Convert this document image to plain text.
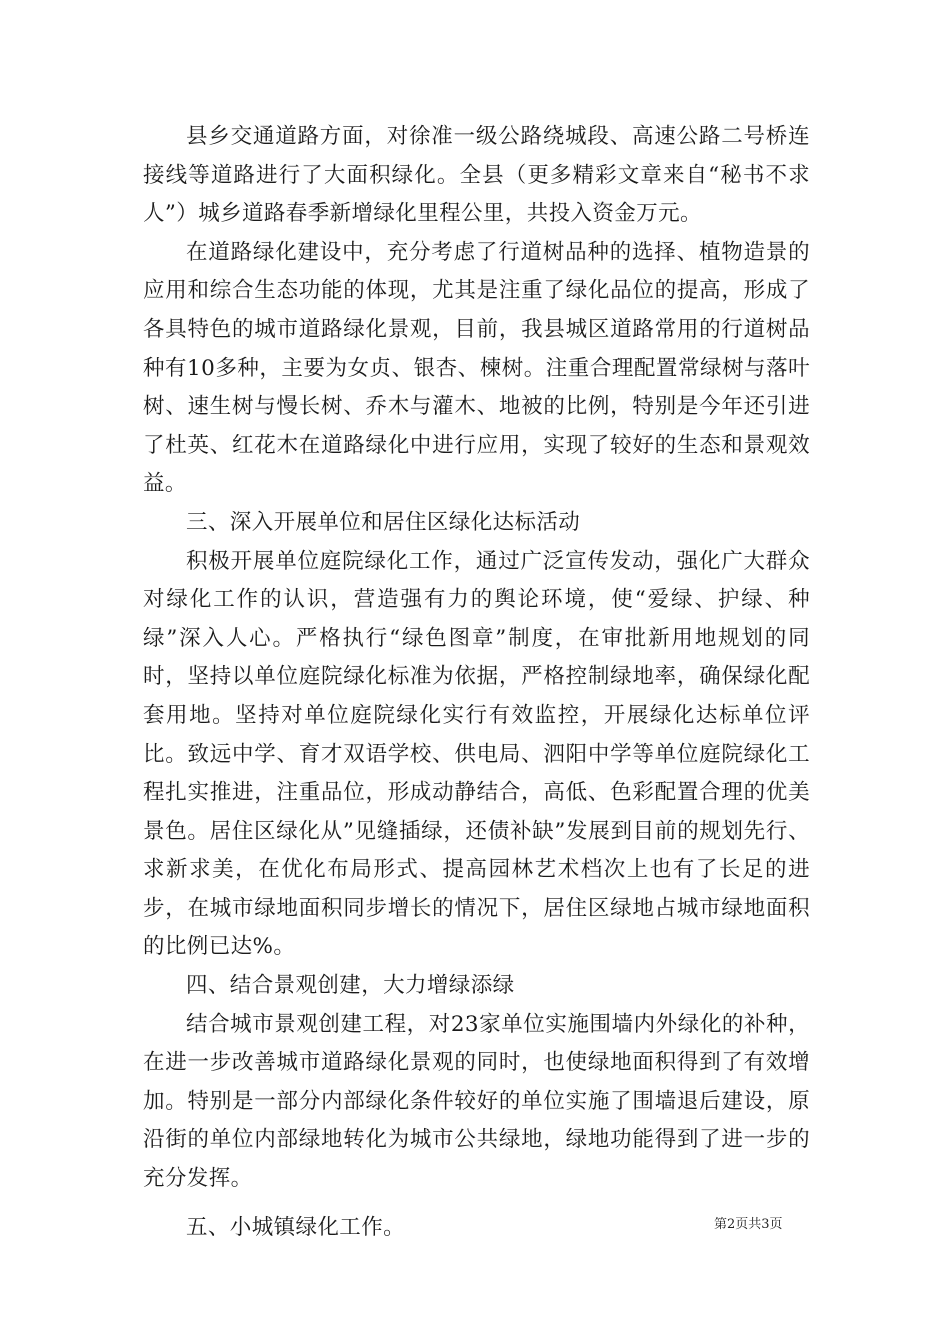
县乡交通道路方面，对徐准一级公路绕城段、高速公路二号桥连接线等道路进行了大面积绿化。全县（更多精彩文章来自“秘书不求人”）城乡道路春季新增绿化里程公里，共投入资金万元。

在道路绿化建设中，充分考虑了行道树品种的选择、植物造景的应用和综合生态功能的体现，尤其是注重了绿化品位的提高，形成了各具特色的城市道路绿化景观，目前，我县城区道路常用的行道树品种有10多种，主要为女贞、银杏、楝树。注重合理配置常绿树与落叶树、速生树与慢长树、乔木与灌木、地被的比例，特别是今年还引进了杜英、红花木在道路绿化中进行应用，实现了较好的生态和景观效益。

三、深入开展单位和居住区绿化达标活动

积极开展单位庭院绿化工作，通过广泛宣传发动，强化广大群众对绿化工作的认识，营造强有力的舆论环境，使“爱绿、护绿、种绿”深入人心。严格执行“绿色图章”制度，在审批新用地规划的同时，坚持以单位庭院绿化标准为依据，严格控制绿地率，确保绿化配套用地。坚持对单位庭院绿化实行有效监控，开展绿化达标单位评比。致远中学、育才双语学校、供电局、泗阳中学等单位庭院绿化工程扎实推进，注重品位，形成动静结合，高低、色彩配置合理的优美景色。居住区绿化从”见缝插绿，还债补缺”发展到目前的规划先行、求新求美，在优化布局形式、提高园林艺术档次上也有了长足的进步，在城市绿地面积同步增长的情况下，居住区绿地占城市绿地面积的比例已达%。

四、结合景观创建，大力增绿添绿

结合城市景观创建工程，对23家单位实施围墙内外绿化的补种，在进一步改善城市道路绿化景观的同时，也使绿地面积得到了有效增加。特别是一部分内部绿化条件较好的单位实施了围墙退后建设，原沿街的单位内部绿地转化为城市公共绿地，绿地功能得到了进一步的充分发挥。

五、小城镇绿化工作。	第2页共3页
